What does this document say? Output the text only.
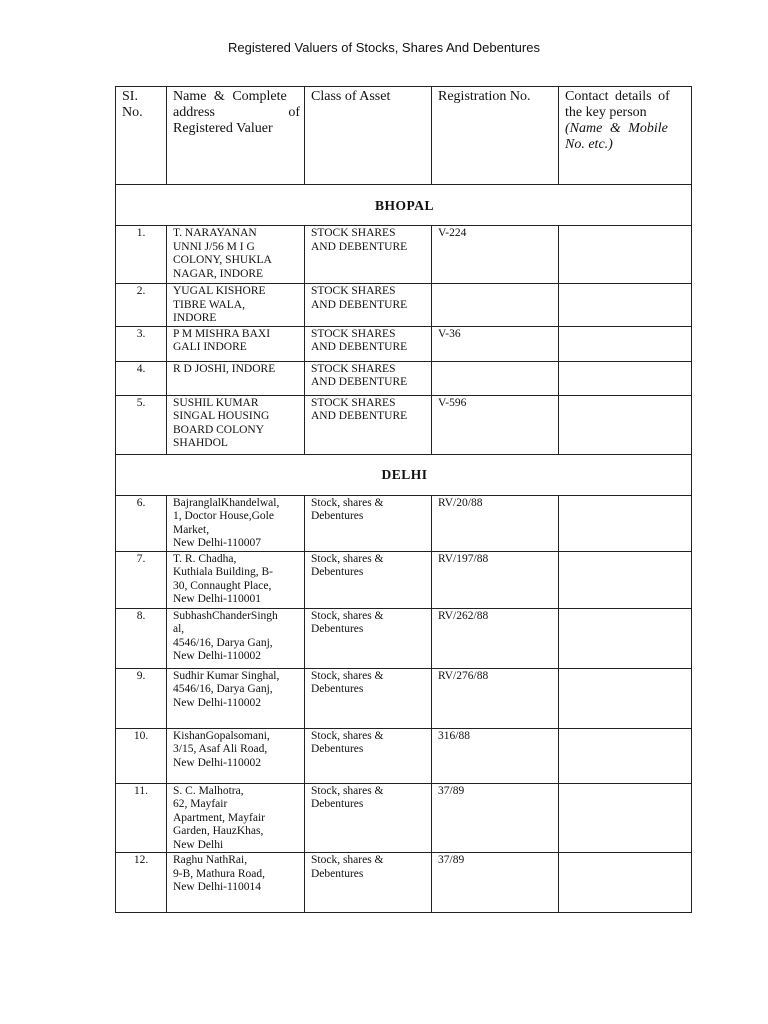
Registered Valuers of Stocks, Shares And Debentures
SI.
No.	Name & Complete
address of
Registered Valuer	Class of Asset	Registration No.	Contact details of
the key person
(Name & Mobile
No. etc.)

BHOPAL				
1.	T. NARAYANAN
UNNI J/56 M I G
COLONY, SHUKLA
NAGAR, INDORE	STOCK SHARES
AND DEBENTURE	V-224	
2.	YUGAL KISHORE
TIBRE WALA,
INDORE	STOCK SHARES
AND DEBENTURE		

3.	P M MISHRA BAXI
GALI INDORE	STOCK SHARES
AND DEBENTURE	V-36	
4.	R D JOSHI, INDORE	STOCK SHARES
AND DEBENTURE		

5.	SUSHIL KUMAR
SINGAL HOUSING
BOARD COLONY
SHAHDOL	STOCK SHARES
AND DEBENTURE	V-596	
DELHI				
6.	BajranglalKhandelwal,
1, Doctor House,Gole
Market,
New Delhi-110007	Stock, shares &
Debentures	RV/20/88	
7.	T. R. Chadha,
Kuthiala Building, B-
30, Connaught Place,
New Delhi-110001	Stock, shares &
Debentures	RV/197/88	
8.	SubhashChanderSingh
al,
4546/16, Darya Ganj,
New Delhi-110002	Stock, shares &
Debentures	RV/262/88	
9.	Sudhir Kumar Singhal,
4546/16, Darya Ganj,
New Delhi-110002	Stock, shares &
Debentures	RV/276/88	
10.	KishanGopalsomani,
3/15, Asaf Ali Road,
New Delhi-110002	Stock, shares &
Debentures	316/88	
11.	S. C. Malhotra,
62, Mayfair
Apartment, Mayfair
Garden, HauzKhas,
New Delhi	Stock, shares &
Debentures	37/89	
12.	Raghu NathRai,
9-B, Mathura Road,
New Delhi-110014	Stock, shares &
Debentures	37/89	
